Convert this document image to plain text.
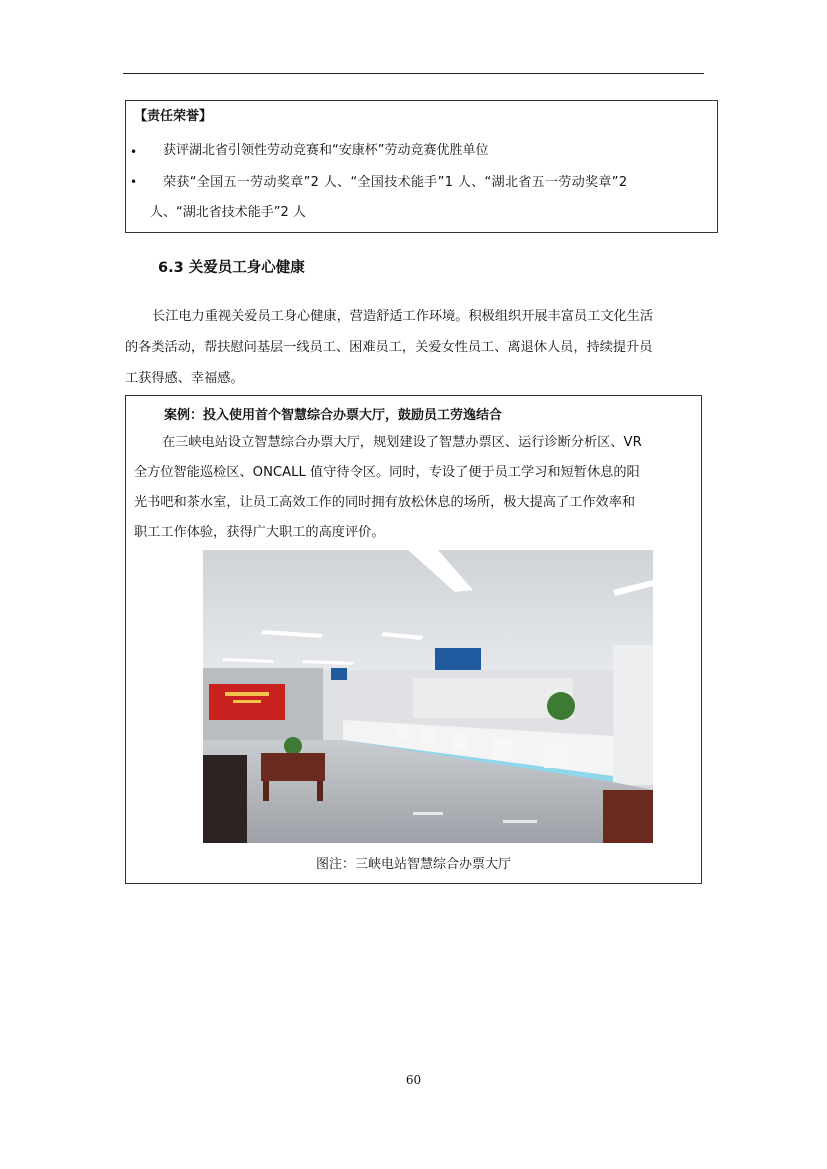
【责任荣誉】
• 获评湖北省引领性劳动竞赛和“安康杯”劳动竞赛优胜单位
• 荣获“全国五一劳动奖章”2 人、“全国技术能手”1 人、“湖北省五一劳动奖章”2
人、“湖北省技术能手”2 人
6.3 关爱员工身心健康
长江电力重视关爱员工身心健康，营造舒适工作环境。积极组织开展丰富员工文化生活
的各类活动，帮扶慰问基层一线员工、困难员工，关爱女性员工、离退休人员，持续提升员
工获得感、幸福感。
案例：投入使用首个智慧综合办票大厅，鼓励员工劳逸结合
在三峡电站设立智慧综合办票大厅，规划建设了智慧办票区、运行诊断分析区、VR
全方位智能巡检区、ONCALL 值守待令区。同时，专设了便于员工学习和短暂休息的阳
光书吧和茶水室，让员工高效工作的同时拥有放松休息的场所，极大提高了工作效率和
职工工作体验，获得广大职工的高度评价。
图注：三峡电站智慧综合办票大厅
60
